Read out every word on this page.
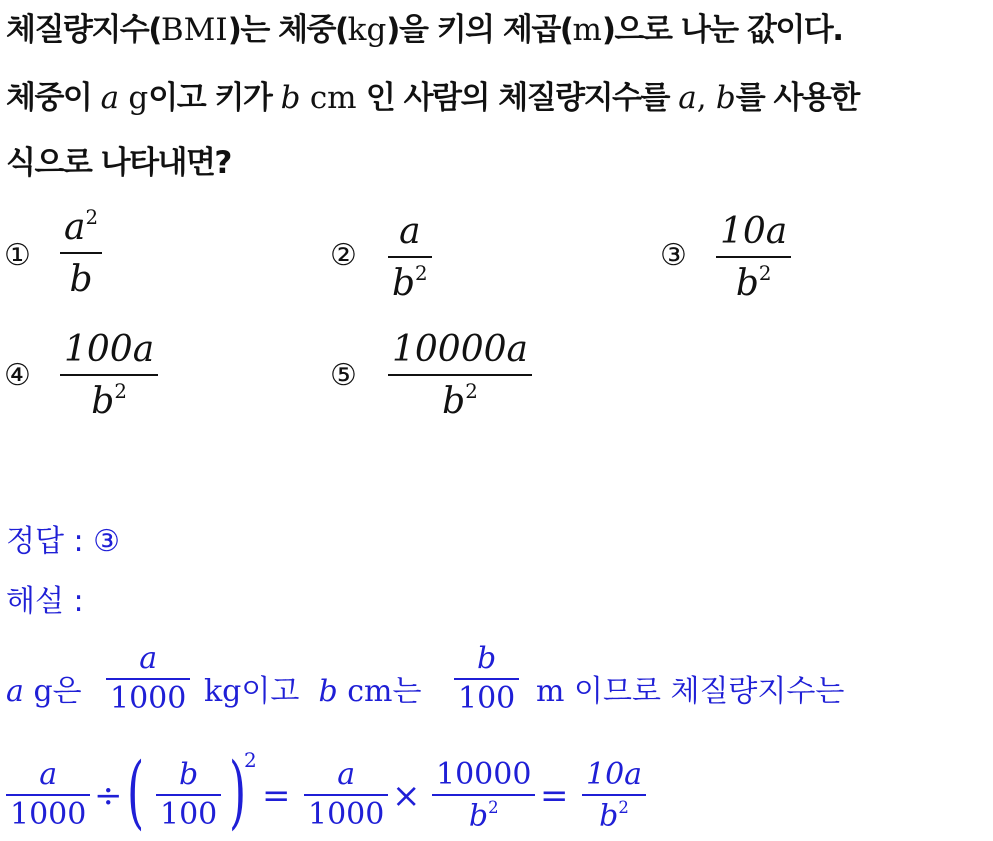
체질량지수(BMI)는 체중(kg)을 키의 제곱(m)으로 나눈 값이다.
체중이 a g이고 키가 b cm 인 사람의 체질량지수를 a, b를 사용한
식으로 나타내면?
①
$a^2$
b
②
a
$b^2$
③
10a
$b^2$
④
100a
$b^2$	⑤
10000a
$b^2$
정답 : ③
해설 :
a g은
a
1000 kg이고 b cm는
b
100 m 이므로 체질량지수는
a
1000 ÷ ( b
100 )
2
=
a
1000 ×
10000
$b^2$ =
10a
$b^2$
